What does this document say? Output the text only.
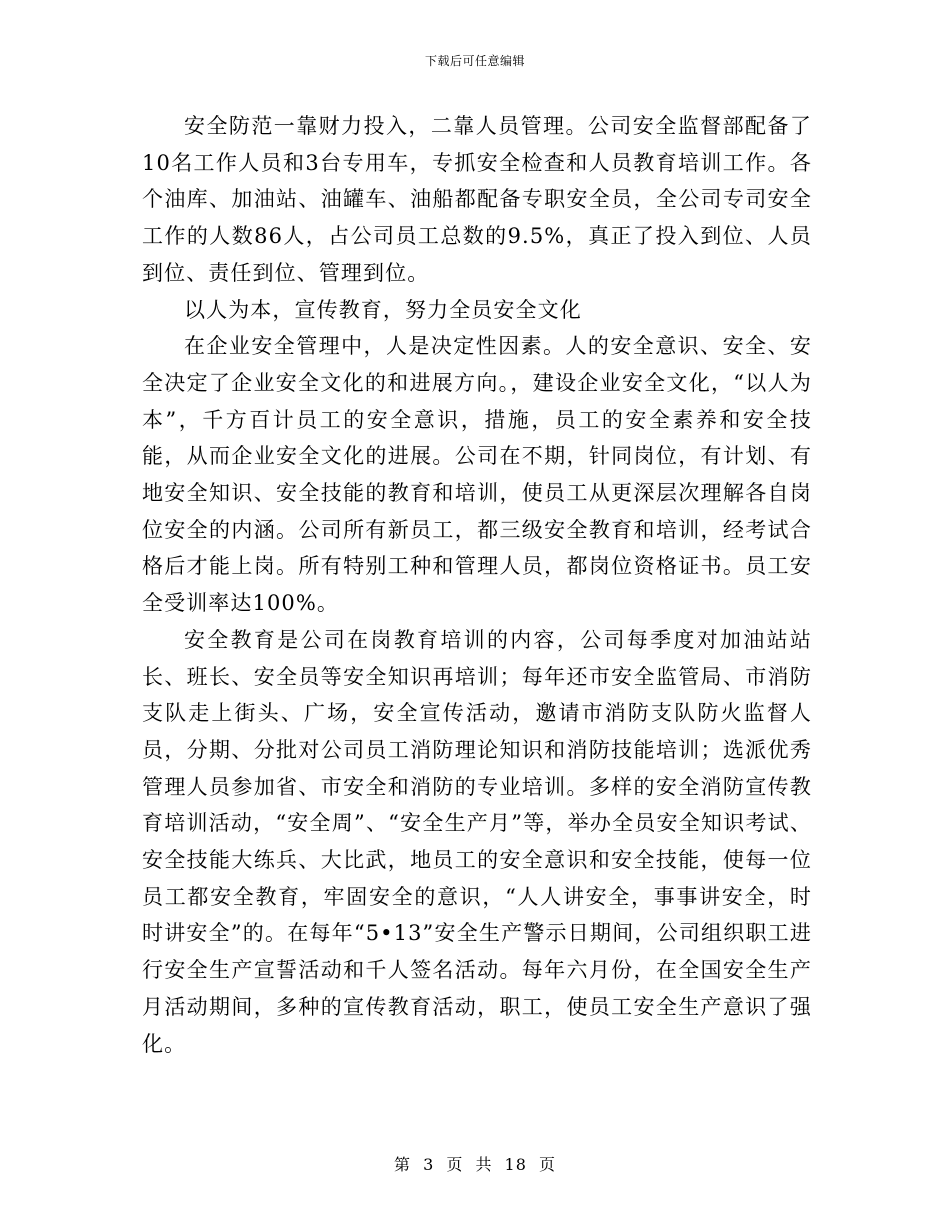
下载后可任意编辑

安全防范一靠财力投入，二靠人员管理。公司安全监督部配备了10名工作人员和3台专用车，专抓安全检查和人员教育培训工作。各个油库、加油站、油罐车、油船都配备专职安全员，全公司专司安全工作的人数86人，占公司员工总数的9.5%，真正了投入到位、人员到位、责任到位、管理到位。

以人为本，宣传教育，努力全员安全文化

在企业安全管理中，人是决定性因素。人的安全意识、安全、安全决定了企业安全文化的和进展方向。，建设企业安全文化，“以人为本”，千方百计员工的安全意识，措施，员工的安全素养和安全技能，从而企业安全文化的进展。公司在不期，针同岗位，有计划、有地安全知识、安全技能的教育和培训，使员工从更深层次理解各自岗位安全的内涵。公司所有新员工，都三级安全教育和培训，经考试合格后才能上岗。所有特别工种和管理人员，都岗位资格证书。员工安全受训率达100%。

安全教育是公司在岗教育培训的内容，公司每季度对加油站站长、班长、安全员等安全知识再培训；每年还市安全监管局、市消防支队走上街头、广场，安全宣传活动，邀请市消防支队防火监督人员，分期、分批对公司员工消防理论知识和消防技能培训；选派优秀管理人员参加省、市安全和消防的专业培训。多样的安全消防宣传教育培训活动，“安全周”、“安全生产月”等，举办全员安全知识考试、安全技能大练兵、大比武，地员工的安全意识和安全技能，使每一位员工都安全教育，牢固安全的意识，“人人讲安全，事事讲安全，时时讲安全”的。在每年“5•13”安全生产警示日期间，公司组织职工进行安全生产宣誓活动和千人签名活动。每年六月份，在全国安全生产月活动期间，多种的宣传教育活动，职工，使员工安全生产意识了强化。

第 3 页 共 18 页
